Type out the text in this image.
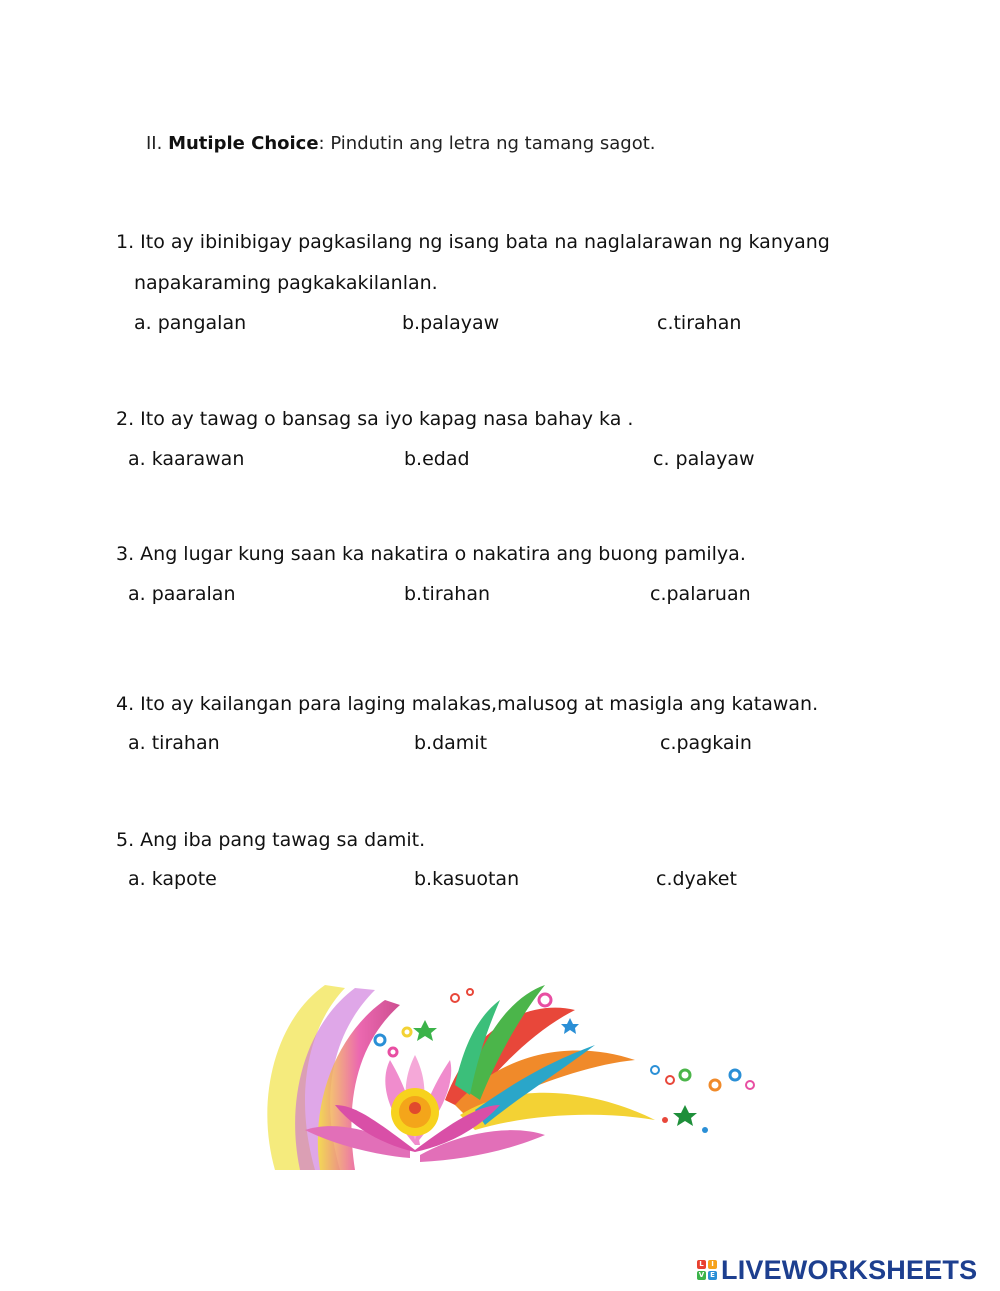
II. Mutiple Choice: Pindutin ang letra ng tamang sagot.
1. Ito ay ibinibigay pagkasilang ng isang bata na naglalarawan ng kanyang
napakaraming pagkakakilanlan.
a. pangalan	b.palayaw	c.tirahan
2. Ito ay tawag o bansag sa iyo kapag nasa bahay ka .
a. kaarawan	b.edad	c. palayaw
3. Ang lugar kung saan ka nakatira o nakatira ang buong pamilya.
a. paaralan	b.tirahan	c.palaruan
4. Ito ay kailangan para laging malakas,malusog at masigla ang katawan.
a. tirahan	b.damit	c.pagkain
5. Ang iba pang tawag sa damit.
a. kapote	b.kasuotan	c.dyaket
L	I
V E LIVEWORKSHEETS
